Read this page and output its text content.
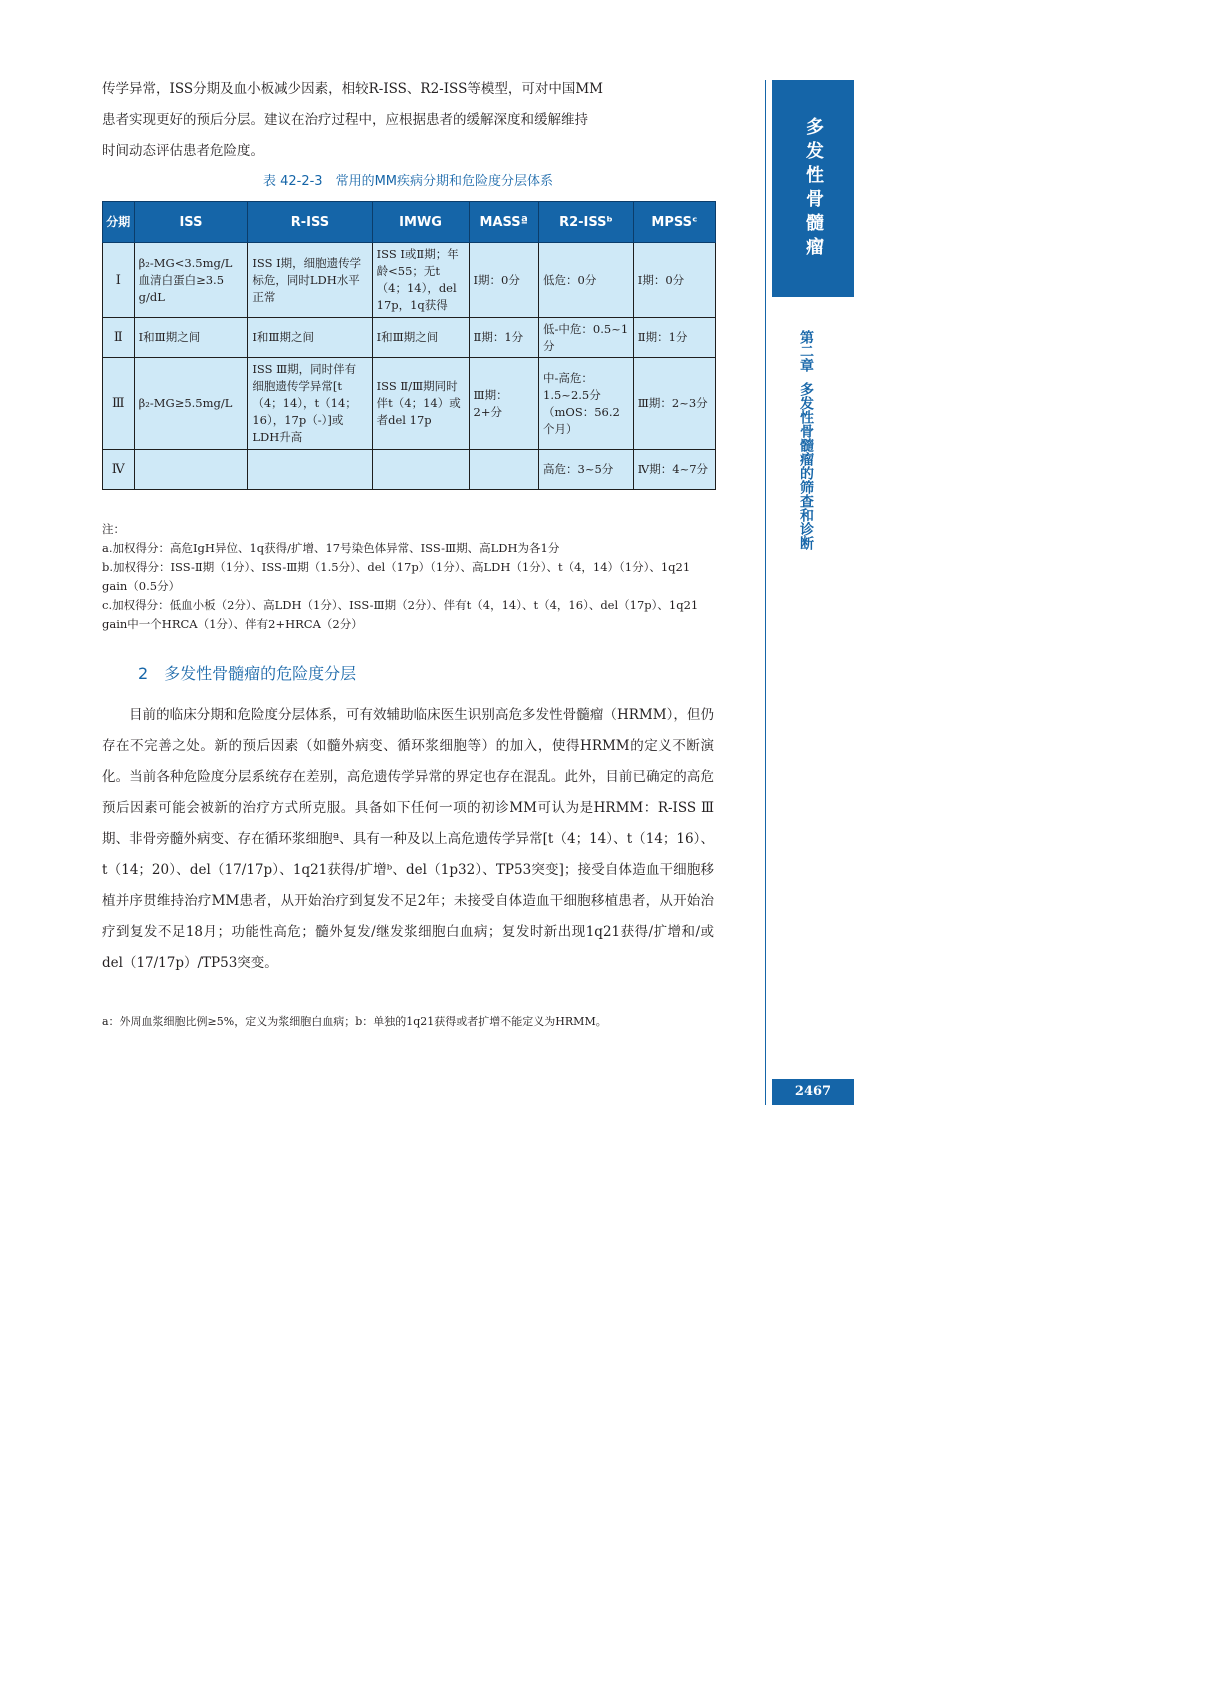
传学异常，ISS分期及血小板减少因素，相较R-ISS、R2-ISS等模型，可对中国MM
患者实现更好的预后分层。建议在治疗过程中，应根据患者的缓解深度和缓解维持
时间动态评估患者危险度。
表 42-2-3　常用的MM疾病分期和危险度分层体系
分期	ISS	R-ISS	IMWG	MASSª	R2-ISSᵇ	MPSSᶜ
Ⅰ	β₂-MG<3.5mg/L 血清白蛋白≥3.5 g/dL	ISS Ⅰ期，细胞遗传学标危，同时LDH水平正常	ISS Ⅰ或Ⅱ期；年龄<55；无t（4；14），del 17p，1q获得	Ⅰ期：0分	低危：0分	Ⅰ期：0分
Ⅱ	Ⅰ和Ⅲ期之间	Ⅰ和Ⅲ期之间	Ⅰ和Ⅲ期之间	Ⅱ期：1分	低-中危：0.5~1分	Ⅱ期：1分
Ⅲ	β₂-MG≥5.5mg/L	ISS Ⅲ期，同时伴有细胞遗传学异常[t（4；14），t（14；16），17p（-）]或LDH升高	ISS Ⅱ/Ⅲ期同时伴t（4；14）或者del 17p	Ⅲ期：2+分	中-高危：1.5~2.5分（mOS：56.2个月）	Ⅲ期：2~3分
Ⅳ					高危：3~5分	Ⅳ期：4~7分

注：

a.加权得分：高危IgH异位、1q获得/扩增、17号染色体异常、ISS-Ⅲ期、高LDH为各1分

b.加权得分：ISS-Ⅱ期（1分）、ISS-Ⅲ期（1.5分）、del（17p）（1分）、高LDH（1分）、t（4，14）（1分）、1q21 gain（0.5分）

c.加权得分：低血小板（2分）、高LDH（1分）、ISS-Ⅲ期（2分）、伴有t（4，14）、t（4，16）、del（17p）、1q21 gain中一个HRCA（1分）、伴有2+HRCA（2分）

2　多发性骨髓瘤的危险度分层

目前的临床分期和危险度分层体系，可有效辅助临床医生识别高危多发性骨髓瘤（HRMM），但仍存在不完善之处。新的预后因素（如髓外病变、循环浆细胞等）的加入，使得HRMM的定义不断演化。当前各种危险度分层系统存在差别，高危遗传学异常的界定也存在混乱。此外，目前已确定的高危预后因素可能会被新的治疗方式所克服。具备如下任何一项的初诊MM可认为是HRMM：R-ISS Ⅲ期、非骨旁髓外病变、存在循环浆细胞ª、具有一种及以上高危遗传学异常[t（4；14）、t（14；16）、t（14；20）、del（17/17p）、1q21获得/扩增ᵇ、del（1p32）、TP53突变]；接受自体造血干细胞移植并序贯维持治疗MM患者，从开始治疗到复发不足2年；未接受自体造血干细胞移植患者，从开始治疗到复发不足18月；功能性高危；髓外复发/继发浆细胞白血病；复发时新出现1q21获得/扩增和/或del（17/17p）/TP53突变。

a：外周血浆细胞比例≥5%，定义为浆细胞白血病；b：单独的1q21获得或者扩增不能定义为HRMM。

多发性骨髓瘤
第二章多发性骨髓瘤的筛查和诊断
2467
